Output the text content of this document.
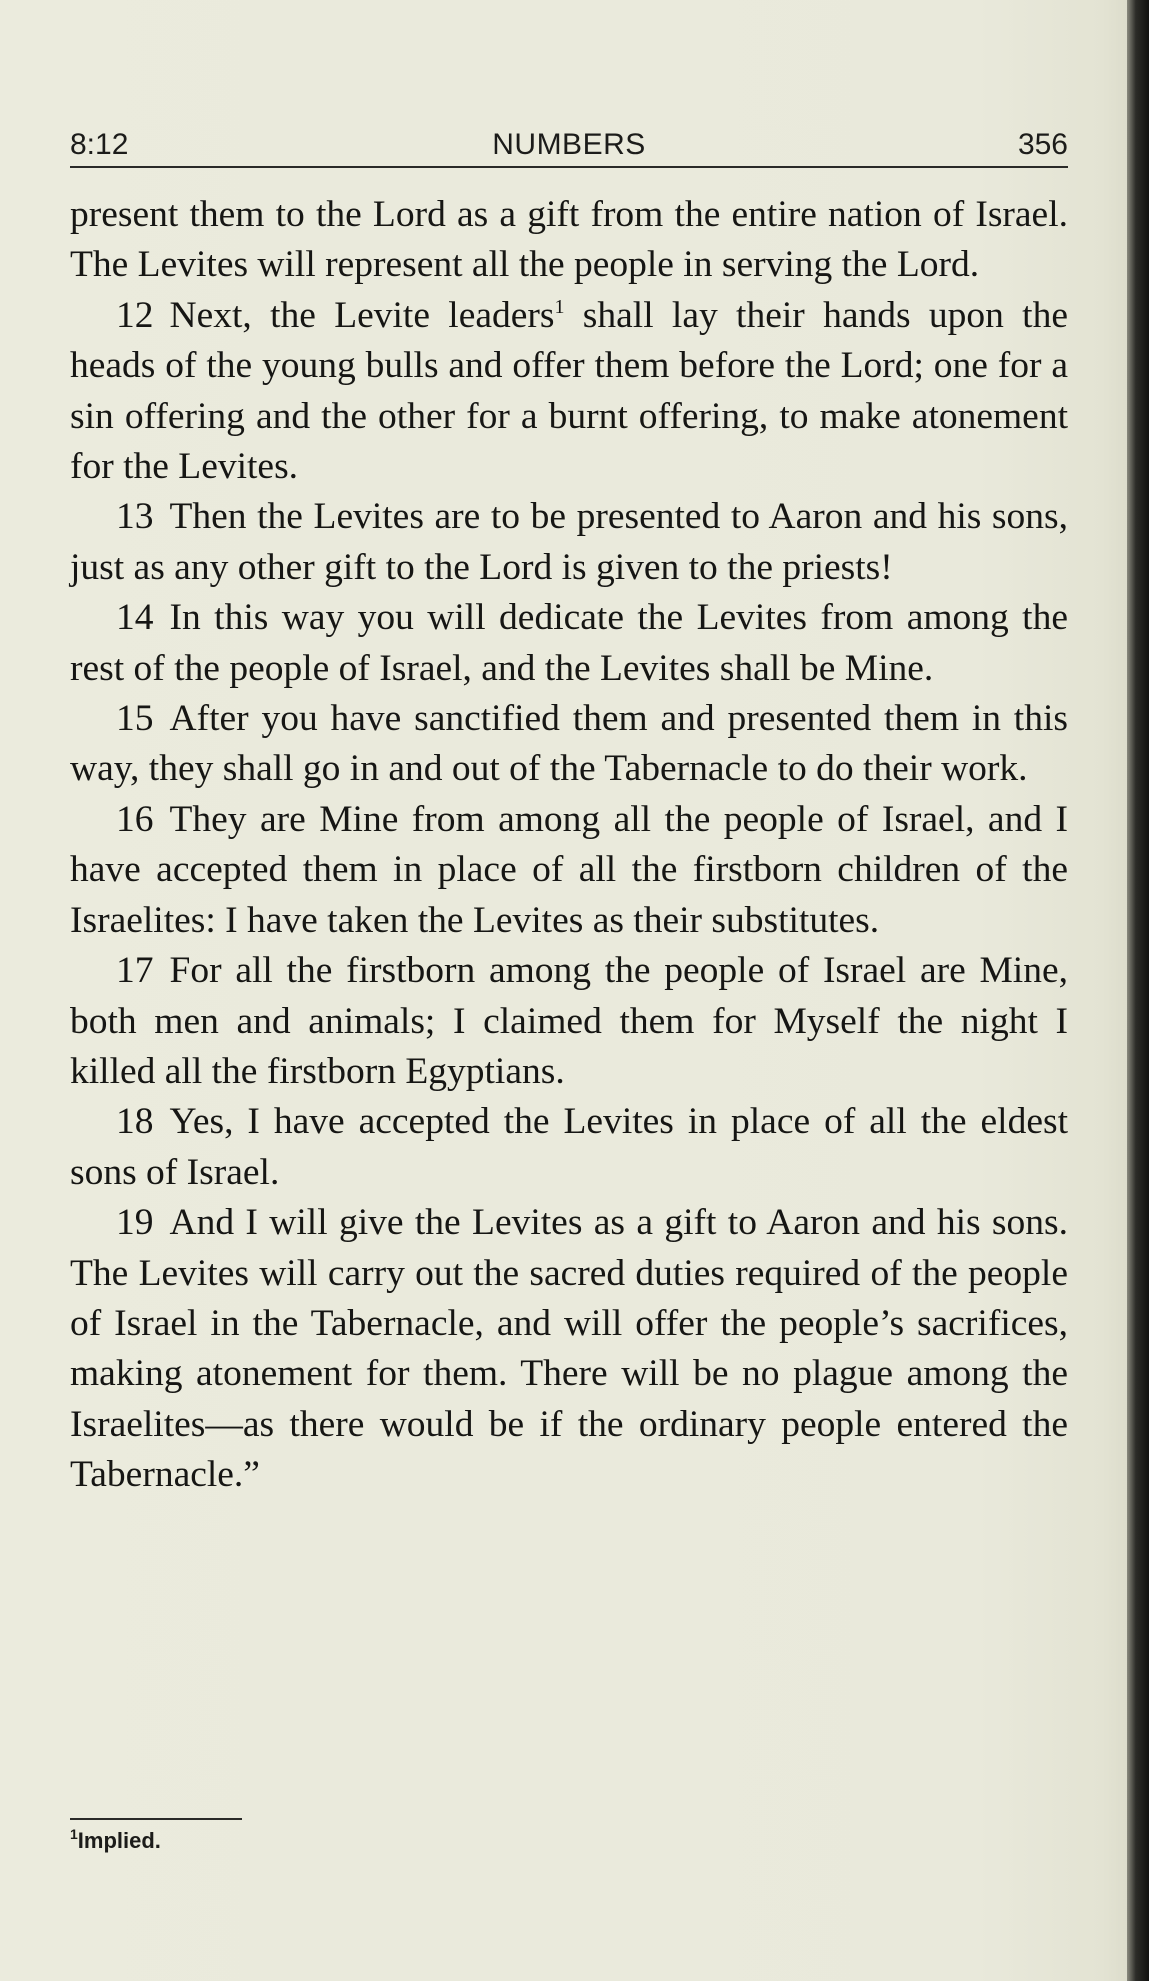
8:12	NUMBERS	356

present them to the Lord as a gift from the entire nation of Israel. The Levites will represent all the people in serving the Lord.

12 Next, the Levite leaders$^1$ shall lay their hands upon the heads of the young bulls and offer them before the Lord; one for a sin offering and the other for a burnt offering, to make atonement for the Levites.

13 Then the Levites are to be presented to Aaron and his sons, just as any other gift to the Lord is given to the priests!

14 In this way you will dedicate the Levites from among the rest of the people of Israel, and the Levites shall be Mine.

15 After you have sanctified them and presented them in this way, they shall go in and out of the Tabernacle to do their work.

16 They are Mine from among all the people of Israel, and I have accepted them in place of all the firstborn children of the Israelites: I have taken the Levites as their substitutes.

17 For all the firstborn among the people of Israel are Mine, both men and animals; I claimed them for Myself the night I killed all the firstborn Egyptians.

18 Yes, I have accepted the Levites in place of all the eldest sons of Israel.

19 And I will give the Levites as a gift to Aaron and his sons. The Levites will carry out the sacred duties required of the people of Israel in the Tabernacle, and will offer the people’s sacrifices, making atonement for them. There will be no plague among the Israelites—as there would be if the ordinary people entered the Tabernacle.”

$^1$Implied.
